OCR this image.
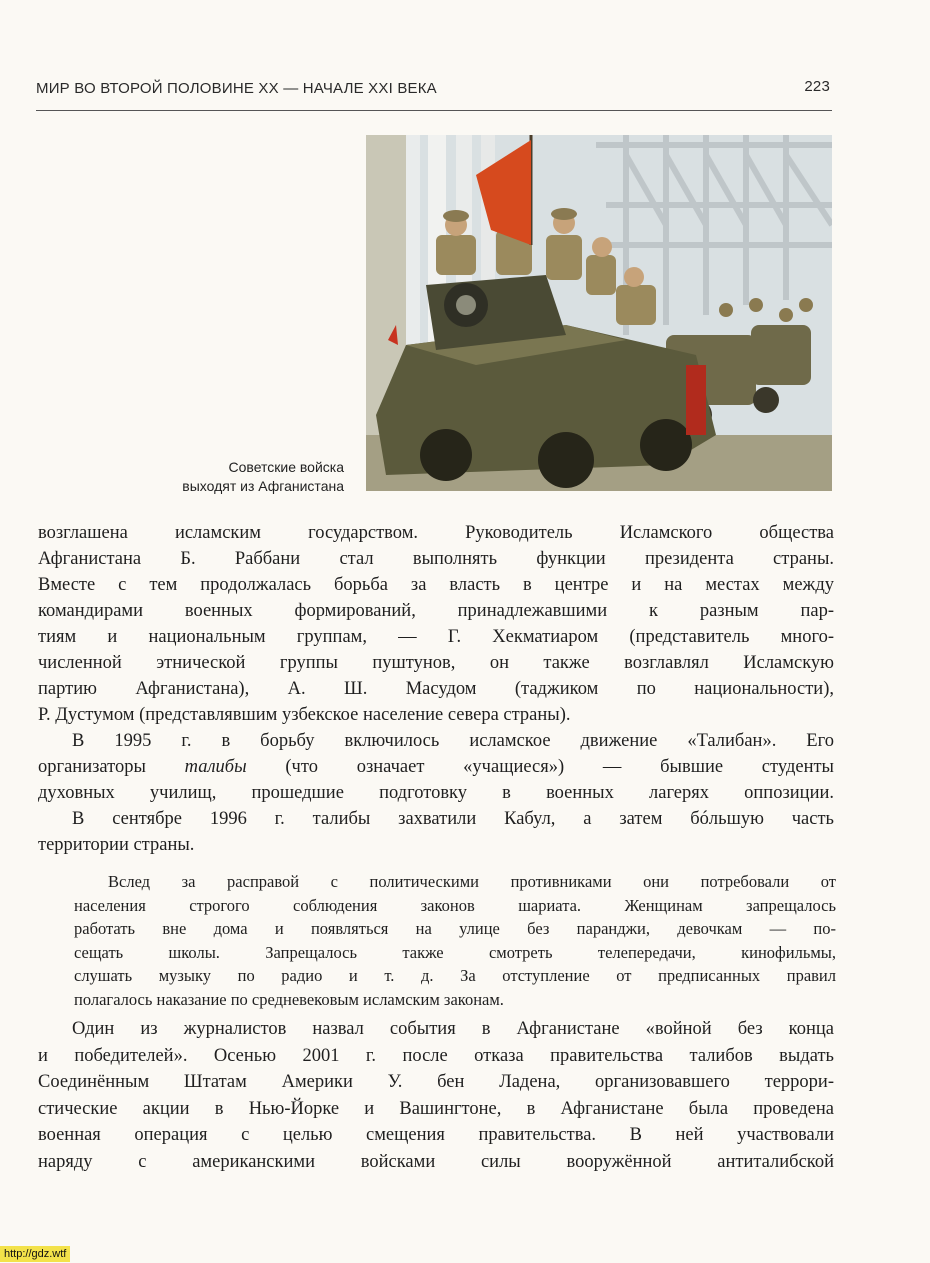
МИР ВО ВТОРОЙ ПОЛОВИНЕ XX — НАЧАЛЕ XXI ВЕКА	223
Советские войска
выходят из Афганистана
возглашена исламским государством. Руководитель Исламского общества
Афганистана Б. Раббани стал выполнять функции президента страны.
Вместе с тем продолжалась борьба за власть в центре и на местах между
командирами военных формирований, принадлежавшими к разным пар-
тиям и национальным группам, — Г. Хекматиаром (представитель много-
численной этнической группы пуштунов, он также возглавлял Исламскую
партию Афганистана), А. Ш. Масудом (таджиком по национальности),
Р. Дустумом (представлявшим узбекское население севера страны).
В 1995 г. в борьбу включилось исламское движение «Талибан». Его
организаторы талибы (что означает «учащиеся») — бывшие студенты
духовных училищ, прошедшие подготовку в военных лагерях оппозиции.
В сентябре 1996 г. талибы захватили Кабул, а затем бóльшую часть
территории страны.
Вслед за расправой с политическими противниками они потребовали от
населения строгого соблюдения законов шариата. Женщинам запрещалось
работать вне дома и появляться на улице без паранджи, девочкам — по-
сещать школы. Запрещалось также смотреть телепередачи, кинофильмы,
слушать музыку по радио и т. д. За отступление от предписанных правил
полагалось наказание по средневековым исламским законам.
Один из журналистов назвал события в Афганистане «войной без конца
и победителей». Осенью 2001 г. после отказа правительства талибов выдать
Соединённым Штатам Америки У. бен Ладена, организовавшего террори-
стические акции в Нью-Йорке и Вашингтоне, в Афганистане была проведена
военная операция с целью смещения правительства. В ней участвовали
наряду с американскими войсками силы вооружённой антиталибской
http://gdz.wtf
